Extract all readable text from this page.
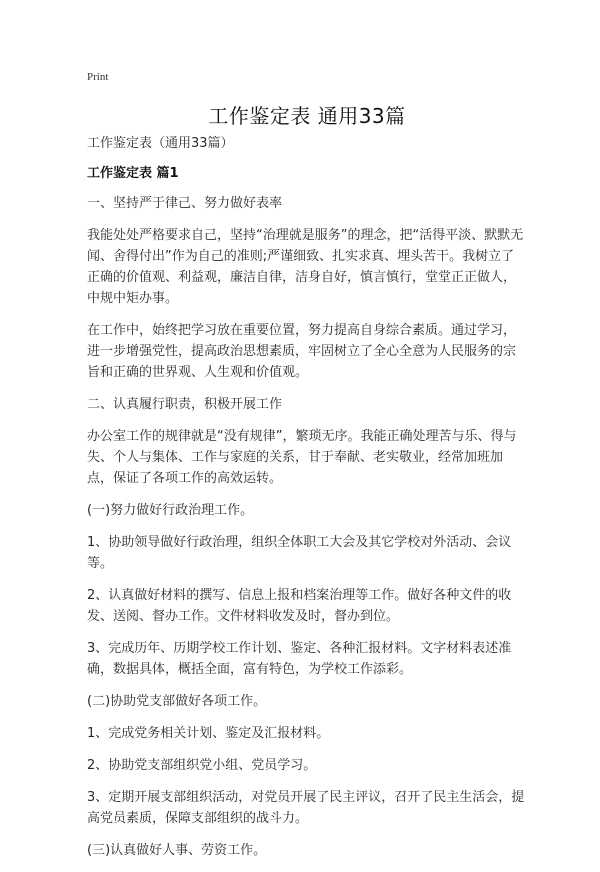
Print
工作鉴定表 通用33篇

工作鉴定表（通用33篇）

工作鉴定表 篇1

一、坚持严于律己、努力做好表率

我能处处严格要求自己，坚持“治理就是服务”的理念，把“活得平淡、默默无闻、舍得付出”作为自己的准则;严谨细致、扎实求真、埋头苦干。我树立了正确的价值观、利益观，廉洁自律，洁身自好，慎言慎行，堂堂正正做人，中规中矩办事。

在工作中，始终把学习放在重要位置，努力提高自身综合素质。通过学习，进一步增强党性，提高政治思想素质，牢固树立了全心全意为人民服务的宗旨和正确的世界观、人生观和价值观。

二、认真履行职责，积极开展工作

办公室工作的规律就是“没有规律”，繁琐无序。我能正确处理苦与乐、得与失、个人与集体、工作与家庭的关系，甘于奉献、老实敬业，经常加班加点，保证了各项工作的高效运转。

(一)努力做好行政治理工作。

1、协助领导做好行政治理，组织全体职工大会及其它学校对外活动、会议等。

2、认真做好材料的撰写、信息上报和档案治理等工作。做好各种文件的收发、送阅、督办工作。文件材料收发及时，督办到位。

3、完成历年、历期学校工作计划、鉴定、各种汇报材料。文字材料表述准确，数据具体，概括全面，富有特色，为学校工作添彩。

(二)协助党支部做好各项工作。

1、完成党务相关计划、鉴定及汇报材料。

2、协助党支部组织党小组、党员学习。

3、定期开展支部组织活动，对党员开展了民主评议，召开了民主生活会，提高党员素质，保障支部组织的战斗力。

(三)认真做好人事、劳资工作。
